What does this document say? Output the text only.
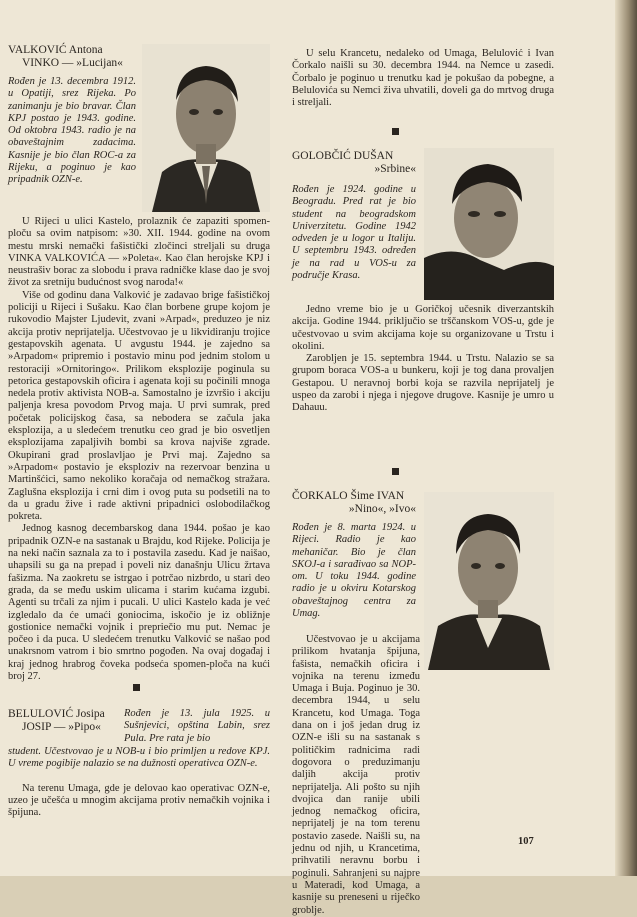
VALKOVIĆ Antona

VINKO — »Lucijan«

Rođen je 13. decembra 1912. u Opatiji, srez Rijeka. Po zanimanju je bio bravar. Član KPJ postao je 1943. godine. Od oktobra 1943. radio je na obaveštajnim zadacima. Kasnije je bio član ROC-a za Rijeku, a poginuo je kao pripadnik OZN-e.

U Rijeci u ulici Kastelo, prolaznik će zapaziti spomen-ploču sa ovim natpisom: »30. XII. 1944. godine na ovom mestu mrski nemački fašistički zločinci streljali su druga VINKA VALKOVIĆA — »Poleta«. Kao član herojske KPJ i neustrašiv borac za slobodu i prava radničke klase dao je svoj život za sretniju budućnost svog naroda!«

Više od godinu dana Valković je zadavao brige fašističkoj policiji u Rijeci i Sušaku. Kao član borbene grupe kojom je rukovodio Majster Ljudevit, zvani »Arpad«, preduzeo je niz akcija protiv neprijatelja. Učestvovao je u likvidiranju trojice gestapovskih agenata. U avgustu 1944. je zajedno sa »Arpadom« pripremio i postavio minu pod jednim stolom u restoraciji »Ornitoringo«. Prilikom eksplozije poginula su petorica gestapovskih oficira i agenata koji su počinili mnoga nedela protiv aktivista NOB-a. Samostalno je izvršio i akciju paljenja kresa povodom Prvog maja. U prvi sumrak, pred početak policijskog časa, sa nebodera se začula jaka eksplozija, a u sledećem trenutku ceo grad je bio osvetljen eksplozijama zapaljivih bombi sa krova najviše zgrade. Okupirani grad proslavljao je Prvi maj. Zajedno sa »Arpadom« postavio je eksploziv na rezervoar benzina u Martinšćici, samo nekoliko koračaja od nemačkog stražara. Zaglušna eksplozija i crni dim i ovog puta su podsetili na to da u gradu žive i rade aktivni pripadnici oslobodilačkog pokreta.

Jednog kasnog decembarskog dana 1944. pošao je kao pripadnik OZN-e na sastanak u Brajdu, kod Rijeke. Policija je na neki način saznala za to i postavila zasedu. Kad je naišao, uhapsili su ga na prepad i poveli niz današnju Ulicu žrtava fašizma. Na zaokretu se istrgao i potrčao nizbrdo, u stari deo grada, da se među uskim ulicama i starim kućama izgubi. Agenti su trčali za njim i pucali. U ulici Kastelo kada je već izgledalo da će umaći goniocima, iskočio je iz obližnje gostionice nemački vojnik i prepriečio mu put. Nemac je počeo i da puca. U sledećem trenutku Valković se našao pod unakrsnom vatrom i bio smrtno pogođen. Na ovaj događaj i kraj jednog hrabrog čoveka podseća spomen-ploča na kući broj 27.

BELULOVIĆ Josipa

JOSIP — »Pipo«

Rođen je 13. jula 1925. u Sušnjevici, opština Labin, srez Pula. Pre rata je bio

student. Učestvovao je u NOB-u i bio primljen u redove KPJ. U vreme pogibije nalazio se na dužnosti operativca OZN-e.

Na terenu Umaga, gde je delovao kao operativac OZN-e, uzeo je učešća u mnogim akcijama protiv nemačkih vojnika i špijuna.

U selu Krancetu, nedaleko od Umaga, Belulović i Ivan Čorkalo naišli su 30. decembra 1944. na Nemce u zasedi. Čorbalo je poginuo u trenutku kad je pokušao da pobegne, a Belulovića su Nemci živa uhvatili, doveli ga do mrtvog druga i streljali.

GOLOBČIĆ DUŠAN

»Srbine«

Rođen je 1924. godine u Beogradu. Pred rat je bio student na beogradskom Univerzitetu. Godine 1942 odveden je u logor u Italiju. U septembru 1943. određen je na rad u VOS-u za područje Krasa.

Jedno vreme bio je u Goričkoj učesnik diverzantskih akcija. Godine 1944. priključio se trščanskom VOS-u, gde je učestvovao u svim akcijama koje su organizovane u Trstu i okolini.

Zarobljen je 15. septembra 1944. u Trstu. Nalazio se sa grupom boraca VOS-a u bunkeru, koji je tog dana provaljen Gestapou. U neravnoj borbi koja se razvila neprijatelj je uspeo da zarobi i njega i njegove drugove. Kasnije je umro u Dahauu.

ČORKALO Šime IVAN

»Nino«, »Ivo«

Rođen je 8. marta 1924. u Rijeci. Radio je kao mehaničar. Bio je član SKOJ-a i sarađivao sa NOP-om. U toku 1944. godine radio je u okviru Kotarskog obaveštajnog centra za Umag.

Učestvovao je u akcijama prilikom hvatanja špijuna, fašista, nemačkih oficira i vojnika na terenu između Umaga i Buja. Poginuo je 30. decembra 1944, u selu Krancetu, kod Umaga. Toga dana on i još jedan drug iz OZN-e išli su na sastanak s političkim radnicima radi dogovora o preduzimanju daljih akcija protiv neprijatelja. Ali pošto su njih dvojica dan ranije ubili jednog nemačkog oficira, neprijatelj je na tom terenu postavio zasede. Naišli su, na jednu od njih, u Krancetima, prihvatili neravnu borbu i poginuli. Sahranjeni su najpre u Materadi, kod Umaga, a kasnije su preneseni u riječko groblje.

107
